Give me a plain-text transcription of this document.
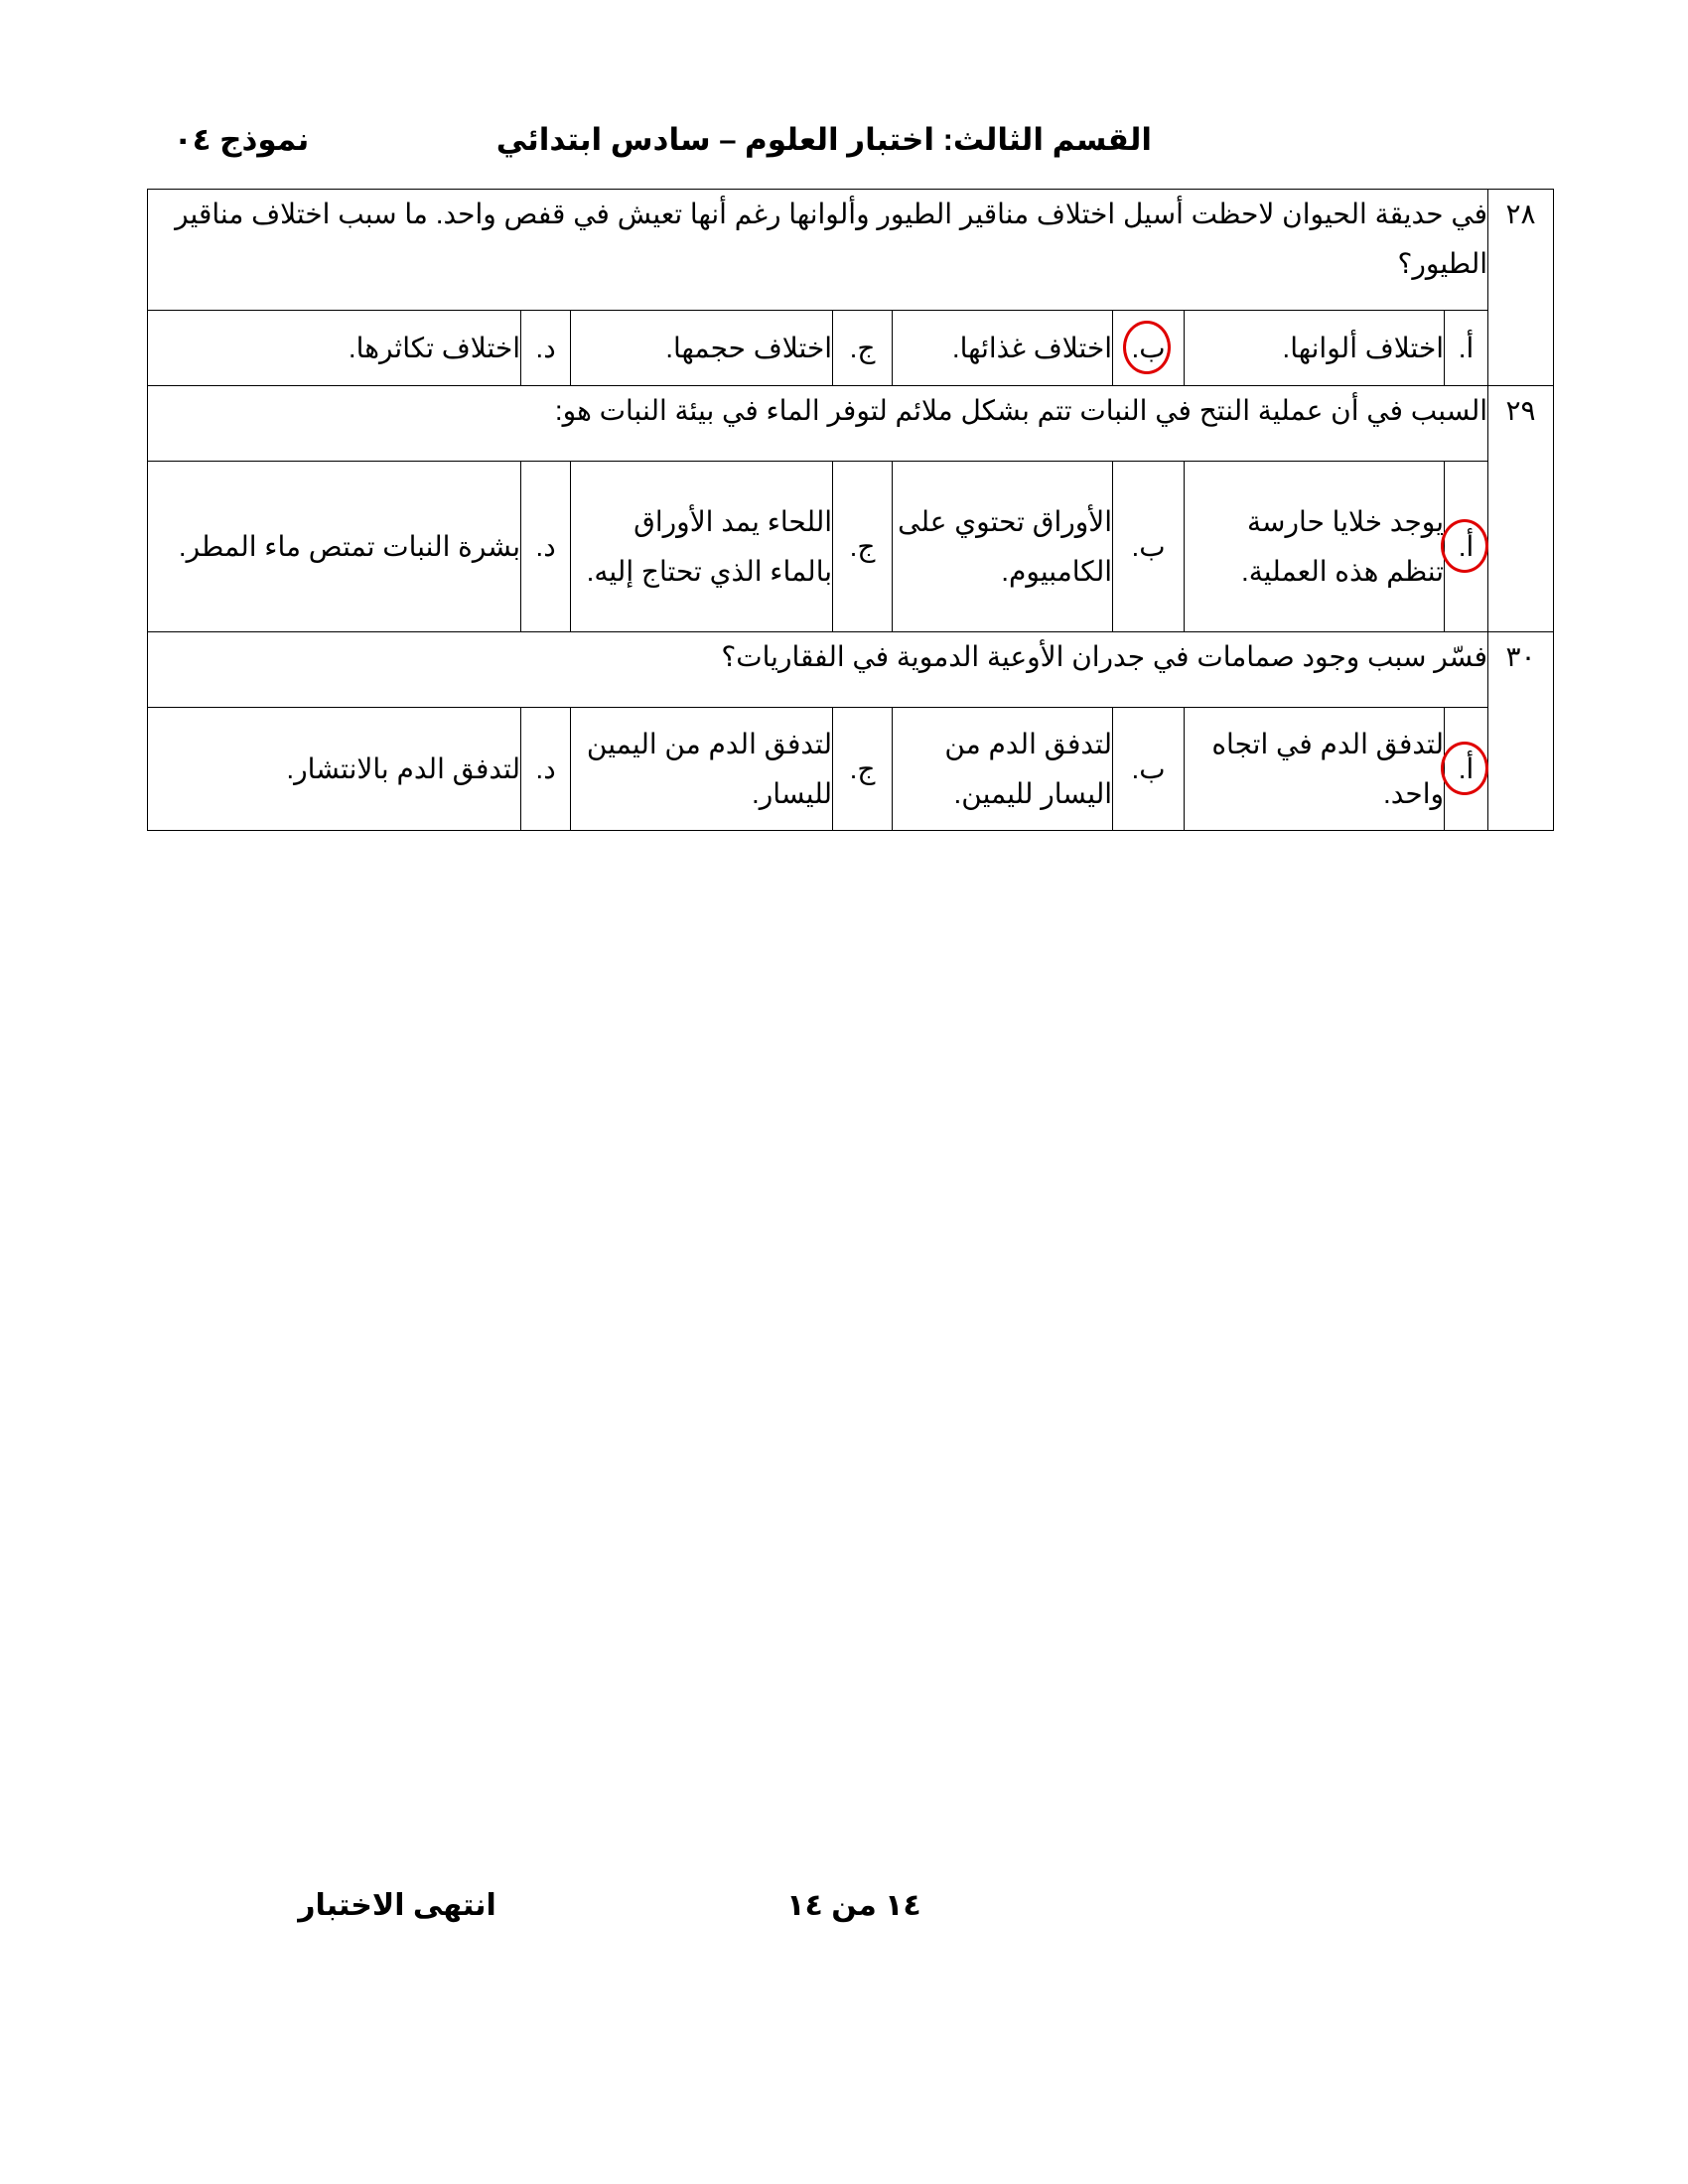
القسم الثالث: اختبار العلوم – سادس ابتدائي
نموذج ٠٤
٢٨	في حديقة الحيوان لاحظت أسيل اختلاف مناقير الطيور وألوانها رغم أنها تعيش في قفص واحد. ما سبب اختلاف مناقير الطيور؟							
	أ.	اختلاف ألوانها.	ب.	اختلاف غذائها.	ج.	اختلاف حجمها.	د.	اختلاف تكاثرها.
٢٩	السبب في أن عملية النتح في النبات تتم بشكل ملائم لتوفر الماء في بيئة النبات هو:							
	أ.	يوجد خلايا حارسة تنظم هذه العملية.	ب.	الأوراق تحتوي على الكامبيوم.	ج.	اللحاء يمد الأوراق بالماء الذي تحتاج إليه.	د.	بشرة النبات تمتص ماء المطر.
٣٠	فسّر سبب وجود صمامات في جدران الأوعية الدموية في الفقاريات؟							
	أ.	لتدفق الدم في اتجاه واحد.	ب.	لتدفق الدم من اليسار لليمين.	ج.	لتدفق الدم من اليمين لليسار.	د.	لتدفق الدم بالانتشار.
١٤ من ١٤
انتهى الاختبار
